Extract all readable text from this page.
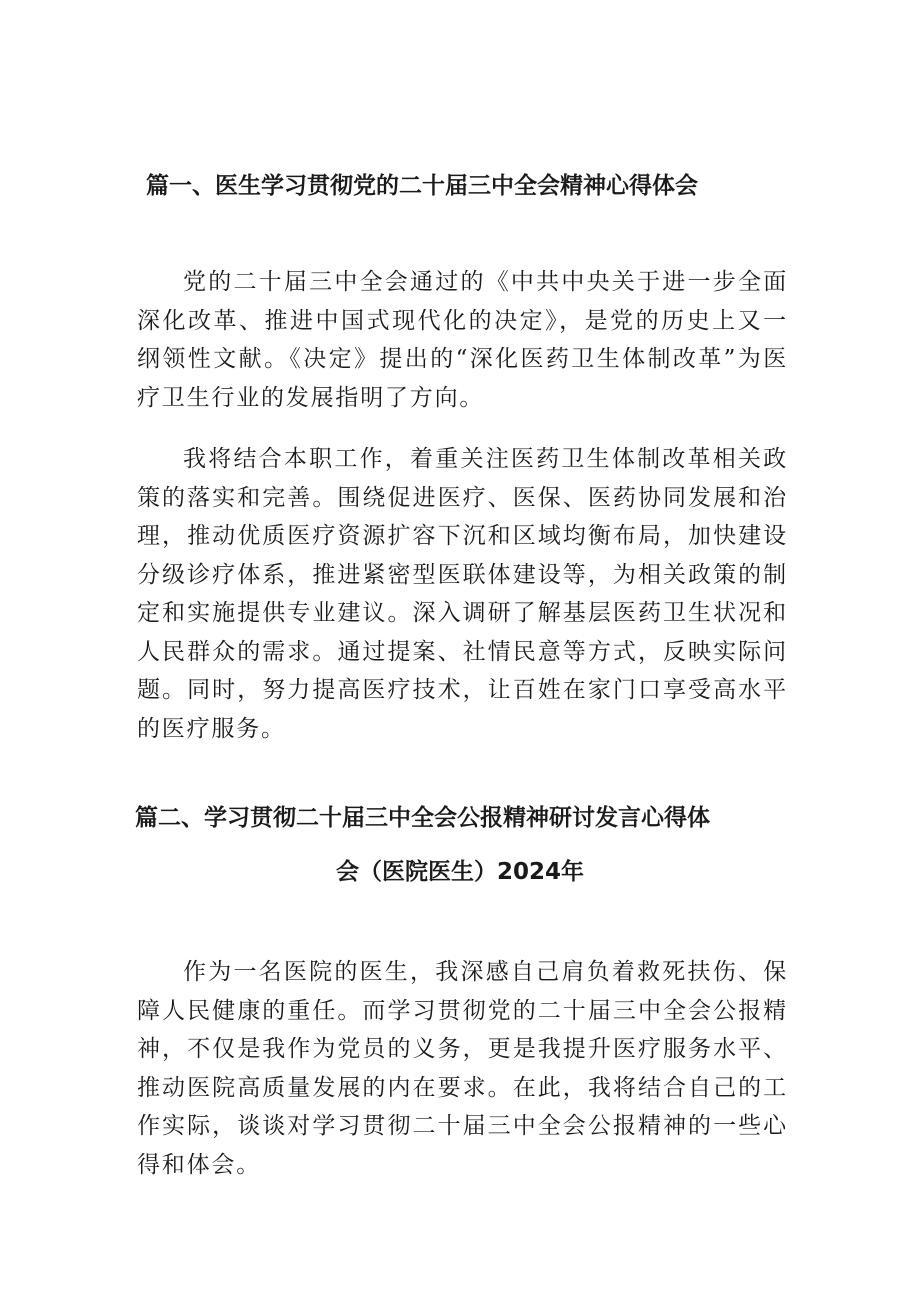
篇一、医生学习贯彻党的二十届三中全会精神心得体会

党的二十届三中全会通过的《中共中央关于进一步全面深化改革、推进中国式现代化的决定》，是党的历史上又一纲领性文献。《决定》提出的“深化医药卫生体制改革”为医疗卫生行业的发展指明了方向。

我将结合本职工作，着重关注医药卫生体制改革相关政策的落实和完善。围绕促进医疗、医保、医药协同发展和治理，推动优质医疗资源扩容下沉和区域均衡布局，加快建设分级诊疗体系，推进紧密型医联体建设等，为相关政策的制定和实施提供专业建议。深入调研了解基层医药卫生状况和人民群众的需求。通过提案、社情民意等方式，反映实际问题。同时，努力提高医疗技术，让百姓在家门口享受高水平的医疗服务。

篇二、学习贯彻二十届三中全会公报精神研讨发言心得体
会（医院医生）2024年

作为一名医院的医生，我深感自己肩负着救死扶伤、保障人民健康的重任。而学习贯彻党的二十届三中全会公报精神，不仅是我作为党员的义务，更是我提升医疗服务水平、推动医院高质量发展的内在要求。在此，我将结合自己的工作实际，谈谈对学习贯彻二十届三中全会公报精神的一些心得和体会。
